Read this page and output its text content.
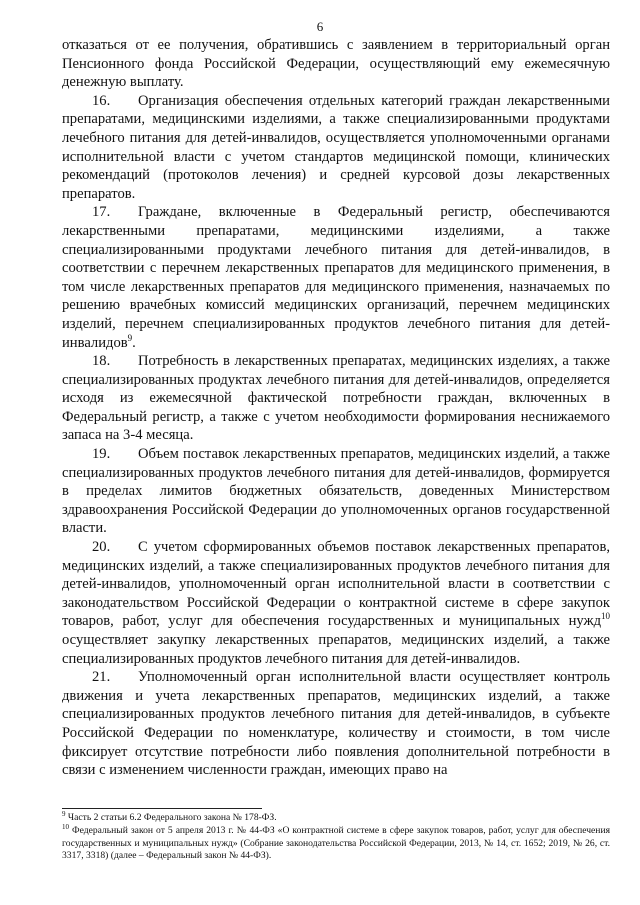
6

отказаться от ее получения, обратившись с заявлением в территориальный орган Пенсионного фонда Российской Федерации, осуществляющий ему ежемесячную денежную выплату.

16. Организация обеспечения отдельных категорий граждан лекарственными препаратами, медицинскими изделиями, а также специализированными продуктами лечебного питания для детей-инвалидов, осуществляется уполномоченными органами исполнительной власти с учетом стандартов медицинской помощи, клинических рекомендаций (протоколов лечения) и средней курсовой дозы лекарственных препаратов.

17. Граждане, включенные в Федеральный регистр, обеспечиваются лекарственными препаратами, медицинскими изделиями, а также специализированными продуктами лечебного питания для детей-инвалидов, в соответствии с перечнем лекарственных препаратов для медицинского применения, в том числе лекарственных препаратов для медицинского применения, назначаемых по решению врачебных комиссий медицинских организаций, перечнем медицинских изделий, перечнем специализированных продуктов лечебного питания для детей-инвалидов$^9$.

18. Потребность в лекарственных препаратах, медицинских изделиях, а также специализированных продуктах лечебного питания для детей-инвалидов, определяется исходя из ежемесячной фактической потребности граждан, включенных в Федеральный регистр, а также с учетом необходимости формирования неснижаемого запаса на 3-4 месяца.

19. Объем поставок лекарственных препаратов, медицинских изделий, а также специализированных продуктов лечебного питания для детей-инвалидов, формируется в пределах лимитов бюджетных обязательств, доведенных Министерством здравоохранения Российской Федерации до уполномоченных органов государственной власти.

20. С учетом сформированных объемов поставок лекарственных препаратов, медицинских изделий, а также специализированных продуктов лечебного питания для детей-инвалидов, уполномоченный орган исполнительной власти в соответствии с законодательством Российской Федерации о контрактной системе в сфере закупок товаров, работ, услуг для обеспечения государственных и муниципальных нужд$^{10}$ осуществляет закупку лекарственных препаратов, медицинских изделий, а также специализированных продуктов лечебного питания для детей-инвалидов.

21. Уполномоченный орган исполнительной власти осуществляет контроль движения и учета лекарственных препаратов, медицинских изделий, а также специализированных продуктов лечебного питания для детей-инвалидов, в субъекте Российской Федерации по номенклатуре, количеству и стоимости, в том числе фиксирует отсутствие потребности либо появления дополнительной потребности в связи с изменением численности граждан, имеющих право на

$^9$ Часть 2 статьи 6.2 Федерального закона № 178-ФЗ.

$^{10}$ Федеральный закон от 5 апреля 2013 г. № 44-ФЗ «О контрактной системе в сфере закупок товаров, работ, услуг для обеспечения государственных и муниципальных нужд» (Собрание законодательства Российской Федерации, 2013, № 14, ст. 1652; 2019, № 26, ст. 3317, 3318) (далее – Федеральный закон № 44-ФЗ).
